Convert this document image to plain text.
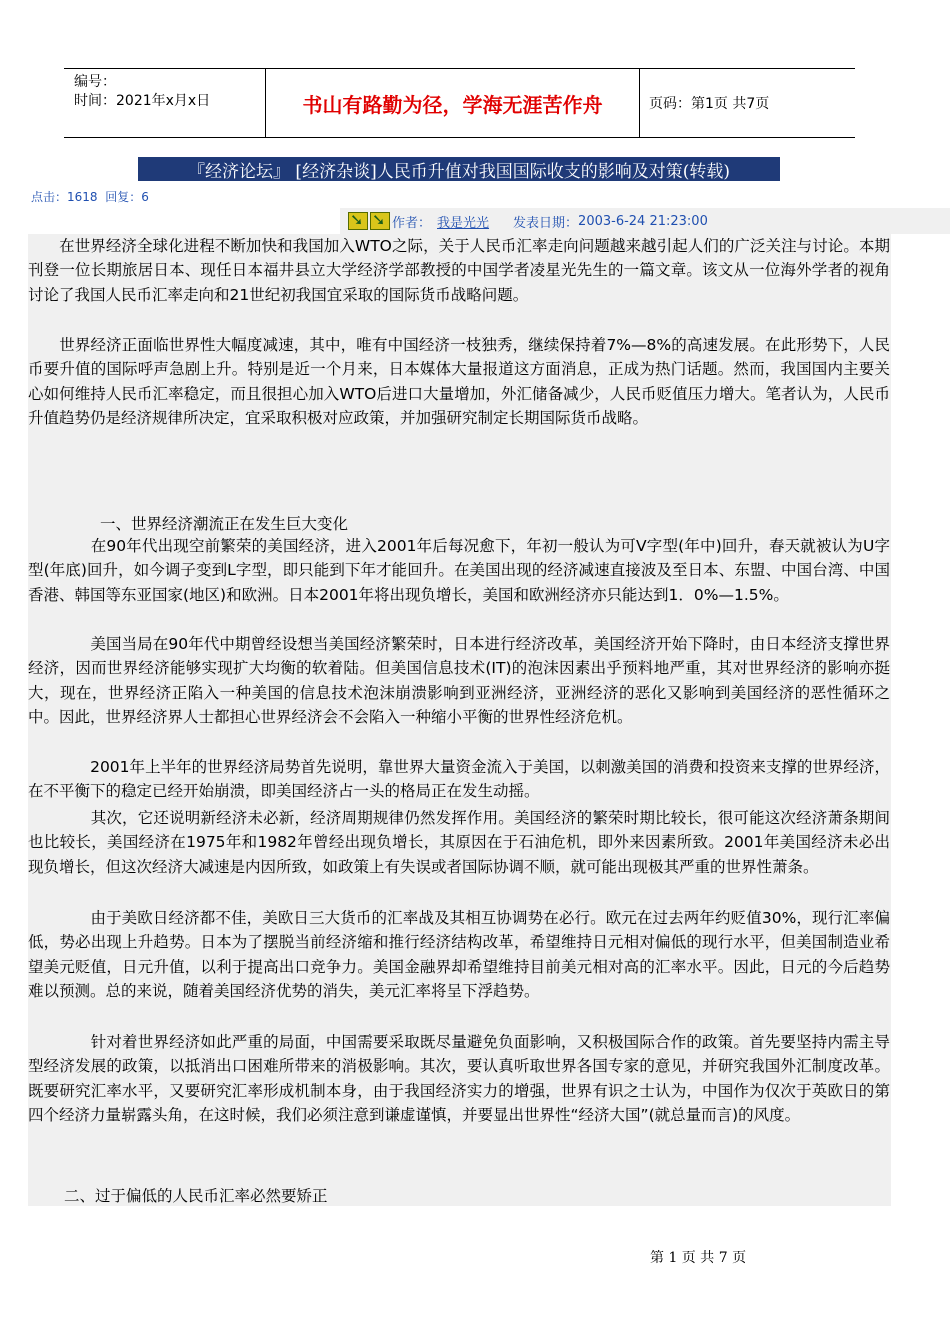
编号：
时间：2021年x月x日	书山有路勤为径，学海无涯苦作舟	页码：第1页 共7页
『经济论坛』 [经济杂谈]人民币升值对我国国际收支的影响及对策(转载)
点击：1618 回复：6
➘
➘
作者： 我是光光 发表日期： 2003-6-24 21:23:00
　　在世界经济全球化进程不断加快和我国加入WTO之际，关于人民币汇率走向问题越来越引起人们的广泛关注与讨论。本期刊登一位长期旅居日本、现任日本福井县立大学经济学部教授的中国学者凌星光先生的一篇文章。该文从一位海外学者的视角讨论了我国人民币汇率走向和21世纪初我国宜采取的国际货币战略问题。
　　世界经济正面临世界性大幅度减速，其中，唯有中国经济一枝独秀，继续保持着7%—8%的高速发展。在此形势下，人民币要升值的国际呼声急剧上升。特别是近一个月来，日本媒体大量报道这方面消息，正成为热门话题。然而，我国国内主要关心如何维持人民币汇率稳定，而且很担心加入WTO后进口大量增加，外汇储备减少，人民币贬值压力增大。笔者认为，人民币升值趋势仍是经济规律所决定，宜采取积极对应政策，并加强研究制定长期国际货币战略。
一、世界经济潮流正在发生巨大变化
　　　　在90年代出现空前繁荣的美国经济，进入2001年后每况愈下，年初一般认为可V字型(年中)回升，春天就被认为U字型(年底)回升，如今调子变到L字型，即只能到下年才能回升。在美国出现的经济减速直接波及至日本、东盟、中国台湾、中国香港、韩国等东亚国家(地区)和欧洲。日本2001年将出现负增长，美国和欧洲经济亦只能达到1．0%—1.5%。
　　　　美国当局在90年代中期曾经设想当美国经济繁荣时，日本进行经济改革，美国经济开始下降时，由日本经济支撑世界经济，因而世界经济能够实现扩大均衡的软着陆。但美国信息技术(IT)的泡沫因素出乎预料地严重，其对世界经济的影响亦挺大，现在，世界经济正陷入一种美国的信息技术泡沫崩溃影响到亚洲经济，亚洲经济的恶化又影响到美国经济的恶性循环之中。因此，世界经济界人士都担心世界经济会不会陷入一种缩小平衡的世界性经济危机。
　　　　2001年上半年的世界经济局势首先说明，靠世界大量资金流入于美国，以刺激美国的消费和投资来支撑的世界经济，在不平衡下的稳定已经开始崩溃，即美国经济占一头的格局正在发生动摇。
　　　　其次，它还说明新经济未必新，经济周期规律仍然发挥作用。美国经济的繁荣时期比较长，很可能这次经济萧条期间也比较长，美国经济在1975年和1982年曾经出现负增长，其原因在于石油危机，即外来因素所致。2001年美国经济未必出现负增长，但这次经济大减速是内因所致，如政策上有失误或者国际协调不顺，就可能出现极其严重的世界性萧条。
　　　　由于美欧日经济都不佳，美欧日三大货币的汇率战及其相互协调势在必行。欧元在过去两年约贬值30%，现行汇率偏低，势必出现上升趋势。日本为了摆脱当前经济缩和推行经济结构改革，希望维持日元相对偏低的现行水平，但美国制造业希望美元贬值，日元升值，以利于提高出口竞争力。美国金融界却希望维持目前美元相对高的汇率水平。因此，日元的今后趋势难以预测。总的来说，随着美国经济优势的消失，美元汇率将呈下浮趋势。
　　　　针对着世界经济如此严重的局面，中国需要采取既尽量避免负面影响，又积极国际合作的政策。首先要坚持内需主导型经济发展的政策，以抵消出口困难所带来的消极影响。其次，要认真听取世界各国专家的意见，并研究我国外汇制度改革。既要研究汇率水平，又要研究汇率形成机制本身，由于我国经济实力的增强，世界有识之士认为，中国作为仅次于英欧日的第四个经济力量崭露头角，在这时候，我们必须注意到谦虚谨慎，并要显出世界性“经济大国”(就总量而言)的风度。
二、过于偏低的人民币汇率必然要矫正
第 1 页 共 7 页
